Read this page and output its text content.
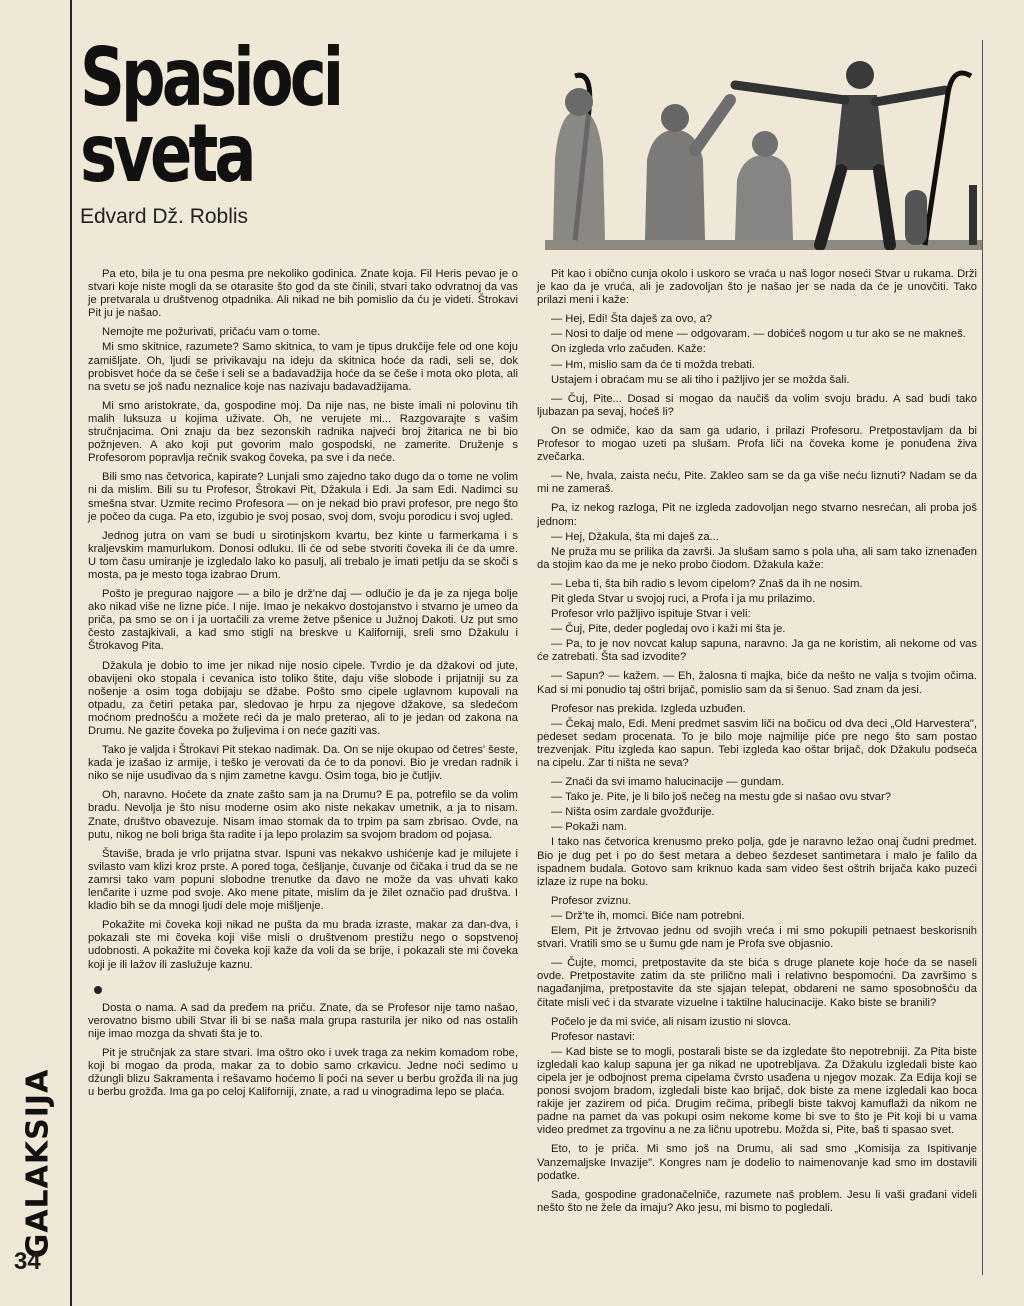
GALAKSIJA
34
Spasioci
sveta
Edvard Dž. Roblis

Pa eto, bila je tu ona pesma pre nekoliko godinica. Znate koja. Fil Heris pevao je o stvari koje niste mogli da se otarasite što god da ste činili, stvari tako odvratnoj da vas je pretvarala u društvenog otpadnika. Ali nikad ne bih pomislio da ću je videti. Štrokavi Pit ju je našao.

Nemojte me požurivati, pričaću vam o tome.

Mi smo skitnice, razumete? Samo skitnica, to vam je tipus drukčije fele od one koju zamišljate. Oh, ljudi se privikavaju na ideju da skitnica hoće da radi, seli se, dok probisvet hoće da se češe i seli se a badavadžija hoće da se češe i mota oko plota, ali na svetu se još nađu neznalice koje nas nazivaju badavadžijama.

Mi smo aristokrate, da, gospodine moj. Da nije nas, ne biste imali ni polovinu tih malih luksuza u kojima uživate. Oh, ne verujete mi... Razgovarajte s vašim stručnjacima. Oni znaju da bez sezonskih radnika najveći broj žitarica ne bi bio požnjeven. A ako koji put govorim malo gospodski, ne zamerite. Druženje s Profesorom popravlja rečnik svakog čoveka, pa sve i da neće.

Bili smo nas četvorica, kapirate? Lunjali smo zajedno tako dugo da o tome ne volim ni da mislim. Bili su tu Profesor, Štrokavi Pit, Džakula i Edi. Ja sam Edi. Nadimci su smešna stvar. Uzmite recimo Profesora — on je nekad bio pravi profesor, pre nego što je počeo da cuga. Pa eto, izgubio je svoj posao, svoj dom, svoju porodicu i svoj ugled.

Jednog jutra on vam se budi u sirotinjskom kvartu, bez kinte u farmerkama i s kraljevskim mamurlukom. Donosi odluku. Ili će od sebe stvoriti čoveka ili će da umre. U tom času umiranje je izgledalo lako ko pasulj, ali trebalo je imati petlju da se skoči s mosta, pa je mesto toga izabrao Drum.

Pošto je pregurao najgore — a bilo je drž'ne daj — odlučio je da je za njega bolje ako nikad više ne lizne piće. I nije. Imao je nekakvo dostojanstvo i stvarno je umeo da priča, pa smo se on i ja uortačili za vreme žetve pšenice u Južnoj Dakoti. Uz put smo često zastajkivali, a kad smo stigli na breskve u Kaliforniji, sreli smo Džakulu i Štrokavog Pita.

Džakula je dobio to ime jer nikad nije nosio cipele. Tvrdio je da džakovi od jute, obavijeni oko stopala i cevanica isto toliko štite, daju više slobode i prijatniji su za nošenje a osim toga dobijaju se džabe. Pošto smo cipele uglavnom kupovali na otpadu, za četiri petaka par, sledovao je hrpu za njegove džakove, sa sledećom moćnom prednošću a možete reći da je malo preterao, ali to je jedan od zakona na Drumu. Ne gazite čoveka po žuljevima i on neće gaziti vas.

Tako je valjda i Štrokavi Pit stekao nadimak. Da. On se nije okupao od četres' šeste, kada je izašao iz armije, i teško je verovati da će to da ponovi. Bio je vredan radnik i niko se nije usuđivao da s njim zametne kavgu. Osim toga, bio je čutljiv.

Oh, naravno. Hoćete da znate zašto sam ja na Drumu? E pa, potrefilo se da volim bradu. Nevolja je što nisu moderne osim ako niste nekakav umetnik, a ja to nisam. Znate, društvo obavezuje. Nisam imao stomak da to trpim pa sam zbrisao. Ovde, na putu, nikog ne boli briga šta radite i ja lepo prolazim sa svojom bradom od pojasa.

Štaviše, brada je vrlo prijatna stvar. Ispuni vas nekakvo ushićenje kad je milujete i svilasto vam klizi kroz prste. A pored toga, češljanje, čuvanje od čičaka i trud da se ne zamrsi tako vam popuni slobodne trenutke da đavo ne može da vas uhvati kako lenčarite i uzme pod svoje. Ako mene pitate, mislim da je žilet označio pad društva. I kladio bih se da mnogi ljudi dele moje mišljenje.

Pokažite mi čoveka koji nikad ne pušta da mu brada izraste, makar za dan-dva, i pokazali ste mi čoveka koji više misli o društvenom prestižu nego o sopstvenoj udobnosti. A pokažite mi čoveka koji kaže da voli da se brije, i pokazali ste mi čoveka koji je ili lažov ili zaslužuje kaznu.

Dosta o nama. A sad da pređem na priču. Znate, da se Profesor nije tamo našao, verovatno bismo ubili Stvar ili bi se naša mala grupa rasturila jer niko od nas ostalih nije imao mozga da shvati šta je to.

Pit je stručnjak za stare stvari. Ima oštro oko i uvek traga za nekim komadom robe, koji bi mogao da proda, makar za to dobio samo crkavicu. Jedne noći sedimo u džungli blizu Sakramenta i rešavamo hoćemo li poći na sever u berbu grožđa ili na jug u berbu grožđa. Ima ga po celoj Kaliforniji, znate, a rad u vinogradima lepo se plaća.

Pit kao i obično cunja okolo i uskoro se vraća u naš logor noseći Stvar u rukama. Drži je kao da je vruća, ali je zadovoljan što je našao jer se nada da će je unovčiti. Tako prilazi meni i kaže:

— Hej, Edi! Šta daješ za ovo, a?

— Nosi to dalje od mene — odgovaram. — dobićeš nogom u tur ako se ne makneš.

On izgleda vrlo začuđen. Kaže:

— Hm, mislio sam da će ti možda trebati.

Ustajem i obraćam mu se ali tiho i pažljivo jer se možda šali.

— Čuj, Pite... Dosad si mogao da naučiš da volim svoju bradu. A sad budi tako ljubazan pa sevaj, hoćeš li?

On se odmiče, kao da sam ga udario, i prilazi Profesoru. Pretpostavljam da bi Profesor to mogao uzeti pa slušam. Profa liči na čoveka kome je ponuđena živa zvečarka.

— Ne, hvala, zaista neću, Pite. Zakleo sam se da ga više neću liznuti? Nadam se da mi ne zameraš.

Pa, iz nekog razloga, Pit ne izgleda zadovoljan nego stvarno nesrećan, ali proba još jednom:

— Hej, Džakula, šta mi daješ za...

Ne pruža mu se prilika da završi. Ja slušam samo s pola uha, ali sam tako iznenađen da stojim kao da me je neko probo čiodom. Džakula kaže:

— Leba ti, šta bih radio s levom cipelom? Znaš da ih ne nosim.

Pit gleda Stvar u svojoj ruci, a Profa i ja mu prilazimo.

Profesor vrlo pažljivo ispituje Stvar i veli:

— Čuj, Pite, deder pogledaj ovo i kaži mi šta je.

— Pa, to je nov novcat kalup sapuna, naravno. Ja ga ne koristim, ali nekome od vas će zatrebati. Šta sad izvodite?

— Sapun? — kažem. — Eh, žalosna ti majka, biće da nešto ne valja s tvojim očima. Kad si mi ponudio taj oštri brijač, pomislio sam da si šenuo. Sad znam da jesi.

Profesor nas prekida. Izgleda uzbuđen.

— Čekaj malo, Edi. Meni predmet sasvim liči na bočicu od dva deci „Old Harvestera", pedeset sedam procenata. To je bilo moje najmilije piće pre nego što sam postao trezvenjak. Pitu izgleda kao sapun. Tebi izgleda kao oštar brijač, dok Džakulu podseća na cipelu. Zar ti ništa ne seva?

— Znači da svi imamo halucinacije — gundam.

— Tako je. Pite, je li bilo još nečeg na mestu gde si našao ovu stvar?

— Ništa osim zardale gvožđurije.

— Pokaži nam.

I tako nas četvorica krenusmo preko polja, gde je naravno ležao onaj čudni predmet. Bio je dug pet i po do šest metara a debeo šezdeset santimetara i malo je falilo da ispadnem budala. Gotovo sam kriknuo kada sam video šest oštrih brijača kako puzeći izlaze iz rupe na boku.

Profesor zviznu.

— Drž'te ih, momci. Biće nam potrebni.

Elem, Pit je žrtvovao jednu od svojih vreća i mi smo pokupili petnaest beskorisnih stvari. Vratili smo se u šumu gde nam je Profa sve objasnio.

— Čujte, momci, pretpostavite da ste bića s druge planete koje hoće da se naseli ovde. Pretpostavite zatim da ste prilično mali i relativno bespomoćni. Da završimo s nagađanjima, pretpostavite da ste sjajan telepat, obdareni ne samo sposobnošću da čitate misli već i da stvarate vizuelne i taktilne halucinacije. Kako biste se branili?

Počelo je da mi sviće, ali nisam izustio ni slovca.

Profesor nastavi:

— Kad biste se to mogli, postarali biste se da izgledate što nepotrebniji. Za Pita biste izgledali kao kalup sapuna jer ga nikad ne upotrebljava. Za Džakulu izgledali biste kao cipela jer je odbojnost prema cipelama čvrsto usađena u njegov mozak. Za Edija koji se ponosi svojom bradom, izgledali biste kao brijač, dok biste za mene izgledali kao boca rakije jer zazirem od pića. Drugim rečima, pribegli biste takvoj kamuflaži da nikom ne padne na pamet da vas pokupi osim nekome kome bi sve to što je Pit koji bi u vama video predmet za trgovinu a ne za ličnu upotrebu. Možda si, Pite, baš ti spasao svet.

Eto, to je priča. Mi smo još na Drumu, ali sad smo „Komisija za Ispitivanje Vanzemaljske Invazije". Kongres nam je dodelio to naimenovanje kad smo im dostavili podatke.

Sada, gospodine gradonačelniče, razumete naš problem. Jesu li vaši građani videli nešto što ne žele da imaju? Ako jesu, mi bismo to pogledali.
